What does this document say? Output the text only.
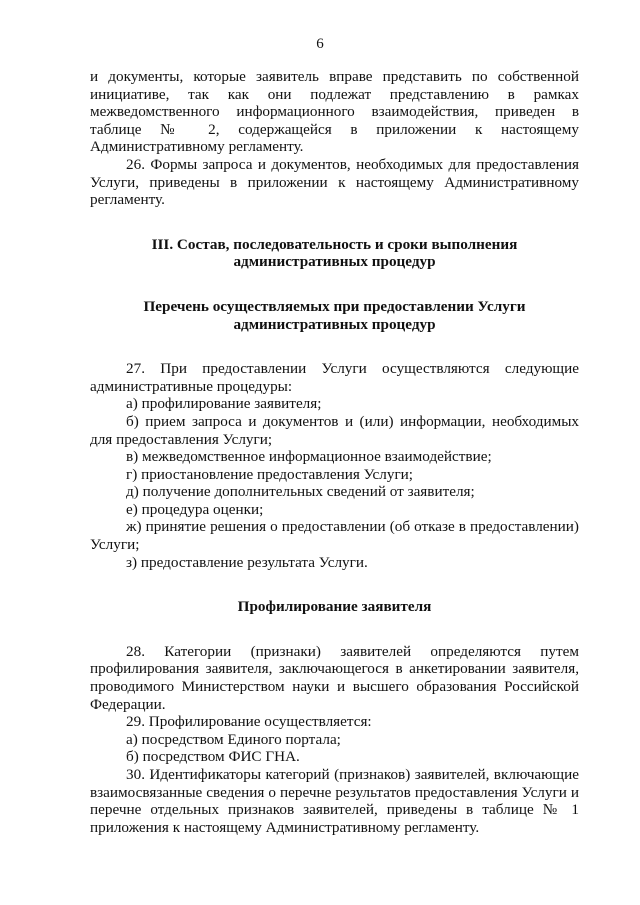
6

и документы, которые заявитель вправе представить по собственной инициативе, так как они подлежат представлению в рамках межведомственного информационного взаимодействия, приведен в таблице № 2, содержащейся в приложении к настоящему Административному регламенту.

26. Формы запроса и документов, необходимых для предоставления Услуги, приведены в приложении к настоящему Административному регламенту.

III. Состав, последовательность и сроки выполнения административных процедур
Перечень осуществляемых при предоставлении Услуги административных процедур

27. При предоставлении Услуги осуществляются следующие административные процедуры:

а) профилирование заявителя;

б) прием запроса и документов и (или) информации, необходимых для предоставления Услуги;

в) межведомственное информационное взаимодействие;

г) приостановление предоставления Услуги;

д) получение дополнительных сведений от заявителя;

е) процедура оценки;

ж) принятие решения о предоставлении (об отказе в предоставлении) Услуги;

з) предоставление результата Услуги.

Профилирование заявителя

28. Категории (признаки) заявителей определяются путем профилирования заявителя, заключающегося в анкетировании заявителя, проводимого Министерством науки и высшего образования Российской Федерации.

29. Профилирование осуществляется:

а) посредством Единого портала;

б) посредством ФИС ГНА.

30. Идентификаторы категорий (признаков) заявителей, включающие взаимосвязанные сведения о перечне результатов предоставления Услуги и перечне отдельных признаков заявителей, приведены в таблице № 1 приложения к настоящему Административному регламенту.
